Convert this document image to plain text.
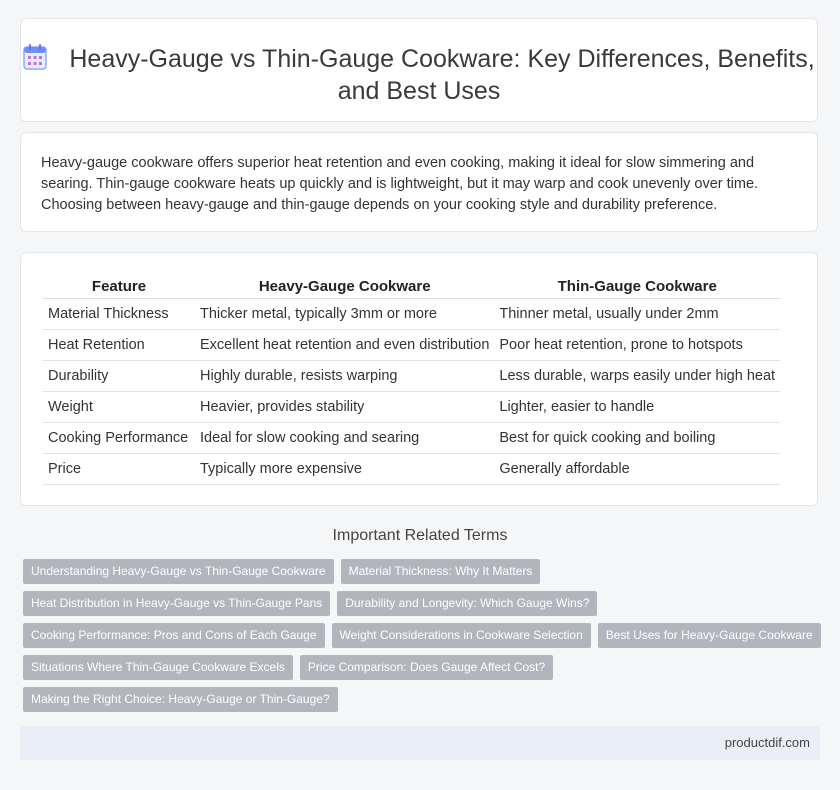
Heavy-Gauge vs Thin-Gauge Cookware: Key Differences, Benefits, and Best Uses
Heavy-gauge cookware offers superior heat retention and even cooking, making it ideal for slow simmering and searing. Thin-gauge cookware heats up quickly and is lightweight, but it may warp and cook unevenly over time. Choosing between heavy-gauge and thin-gauge depends on your cooking style and durability preference.
Feature	Heavy-Gauge Cookware	Thin-Gauge Cookware
Material Thickness	Thicker metal, typically 3mm or more	Thinner metal, usually under 2mm
Heat Retention	Excellent heat retention and even distribution	Poor heat retention, prone to hotspots
Durability	Highly durable, resists warping	Less durable, warps easily under high heat
Weight	Heavier, provides stability	Lighter, easier to handle
Cooking Performance	Ideal for slow cooking and searing	Best for quick cooking and boiling
Price	Typically more expensive	Generally affordable
Important Related Terms
Understanding Heavy-Gauge vs Thin-Gauge Cookware	Material Thickness: Why It Matters
Heat Distribution in Heavy-Gauge vs Thin-Gauge Pans	Durability and Longevity: Which Gauge Wins?
Cooking Performance: Pros and Cons of Each Gauge	Weight Considerations in Cookware Selection	Best Uses for Heavy-Gauge Cookware
Situations Where Thin-Gauge Cookware Excels	Price Comparison: Does Gauge Affect Cost?
Making the Right Choice: Heavy-Gauge or Thin-Gauge?
productdif.com
